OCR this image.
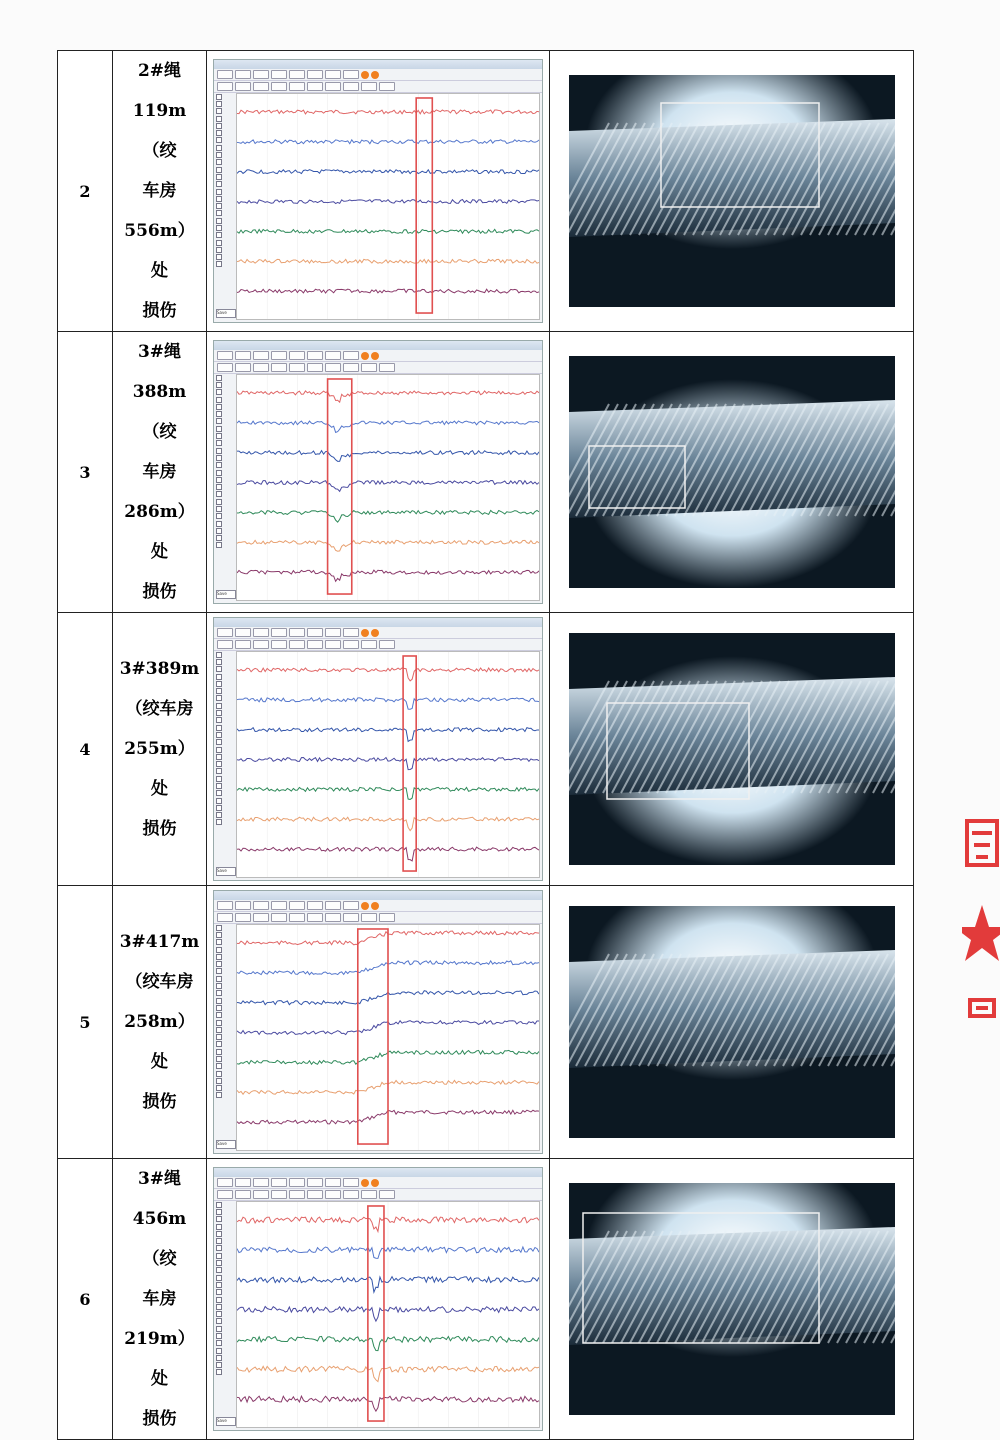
2	2#绳
119m（绞
车房
556m）处
损伤	Save

3	3#绳
388m（绞
车房
286m）处
损伤	Save

4	3#389m
（绞车房
255m）处
损伤	Save

5	3#417m
（绞车房
258m）处
损伤	Save

6	3#绳
456m（绞
车房
219m）处
损伤	Save
